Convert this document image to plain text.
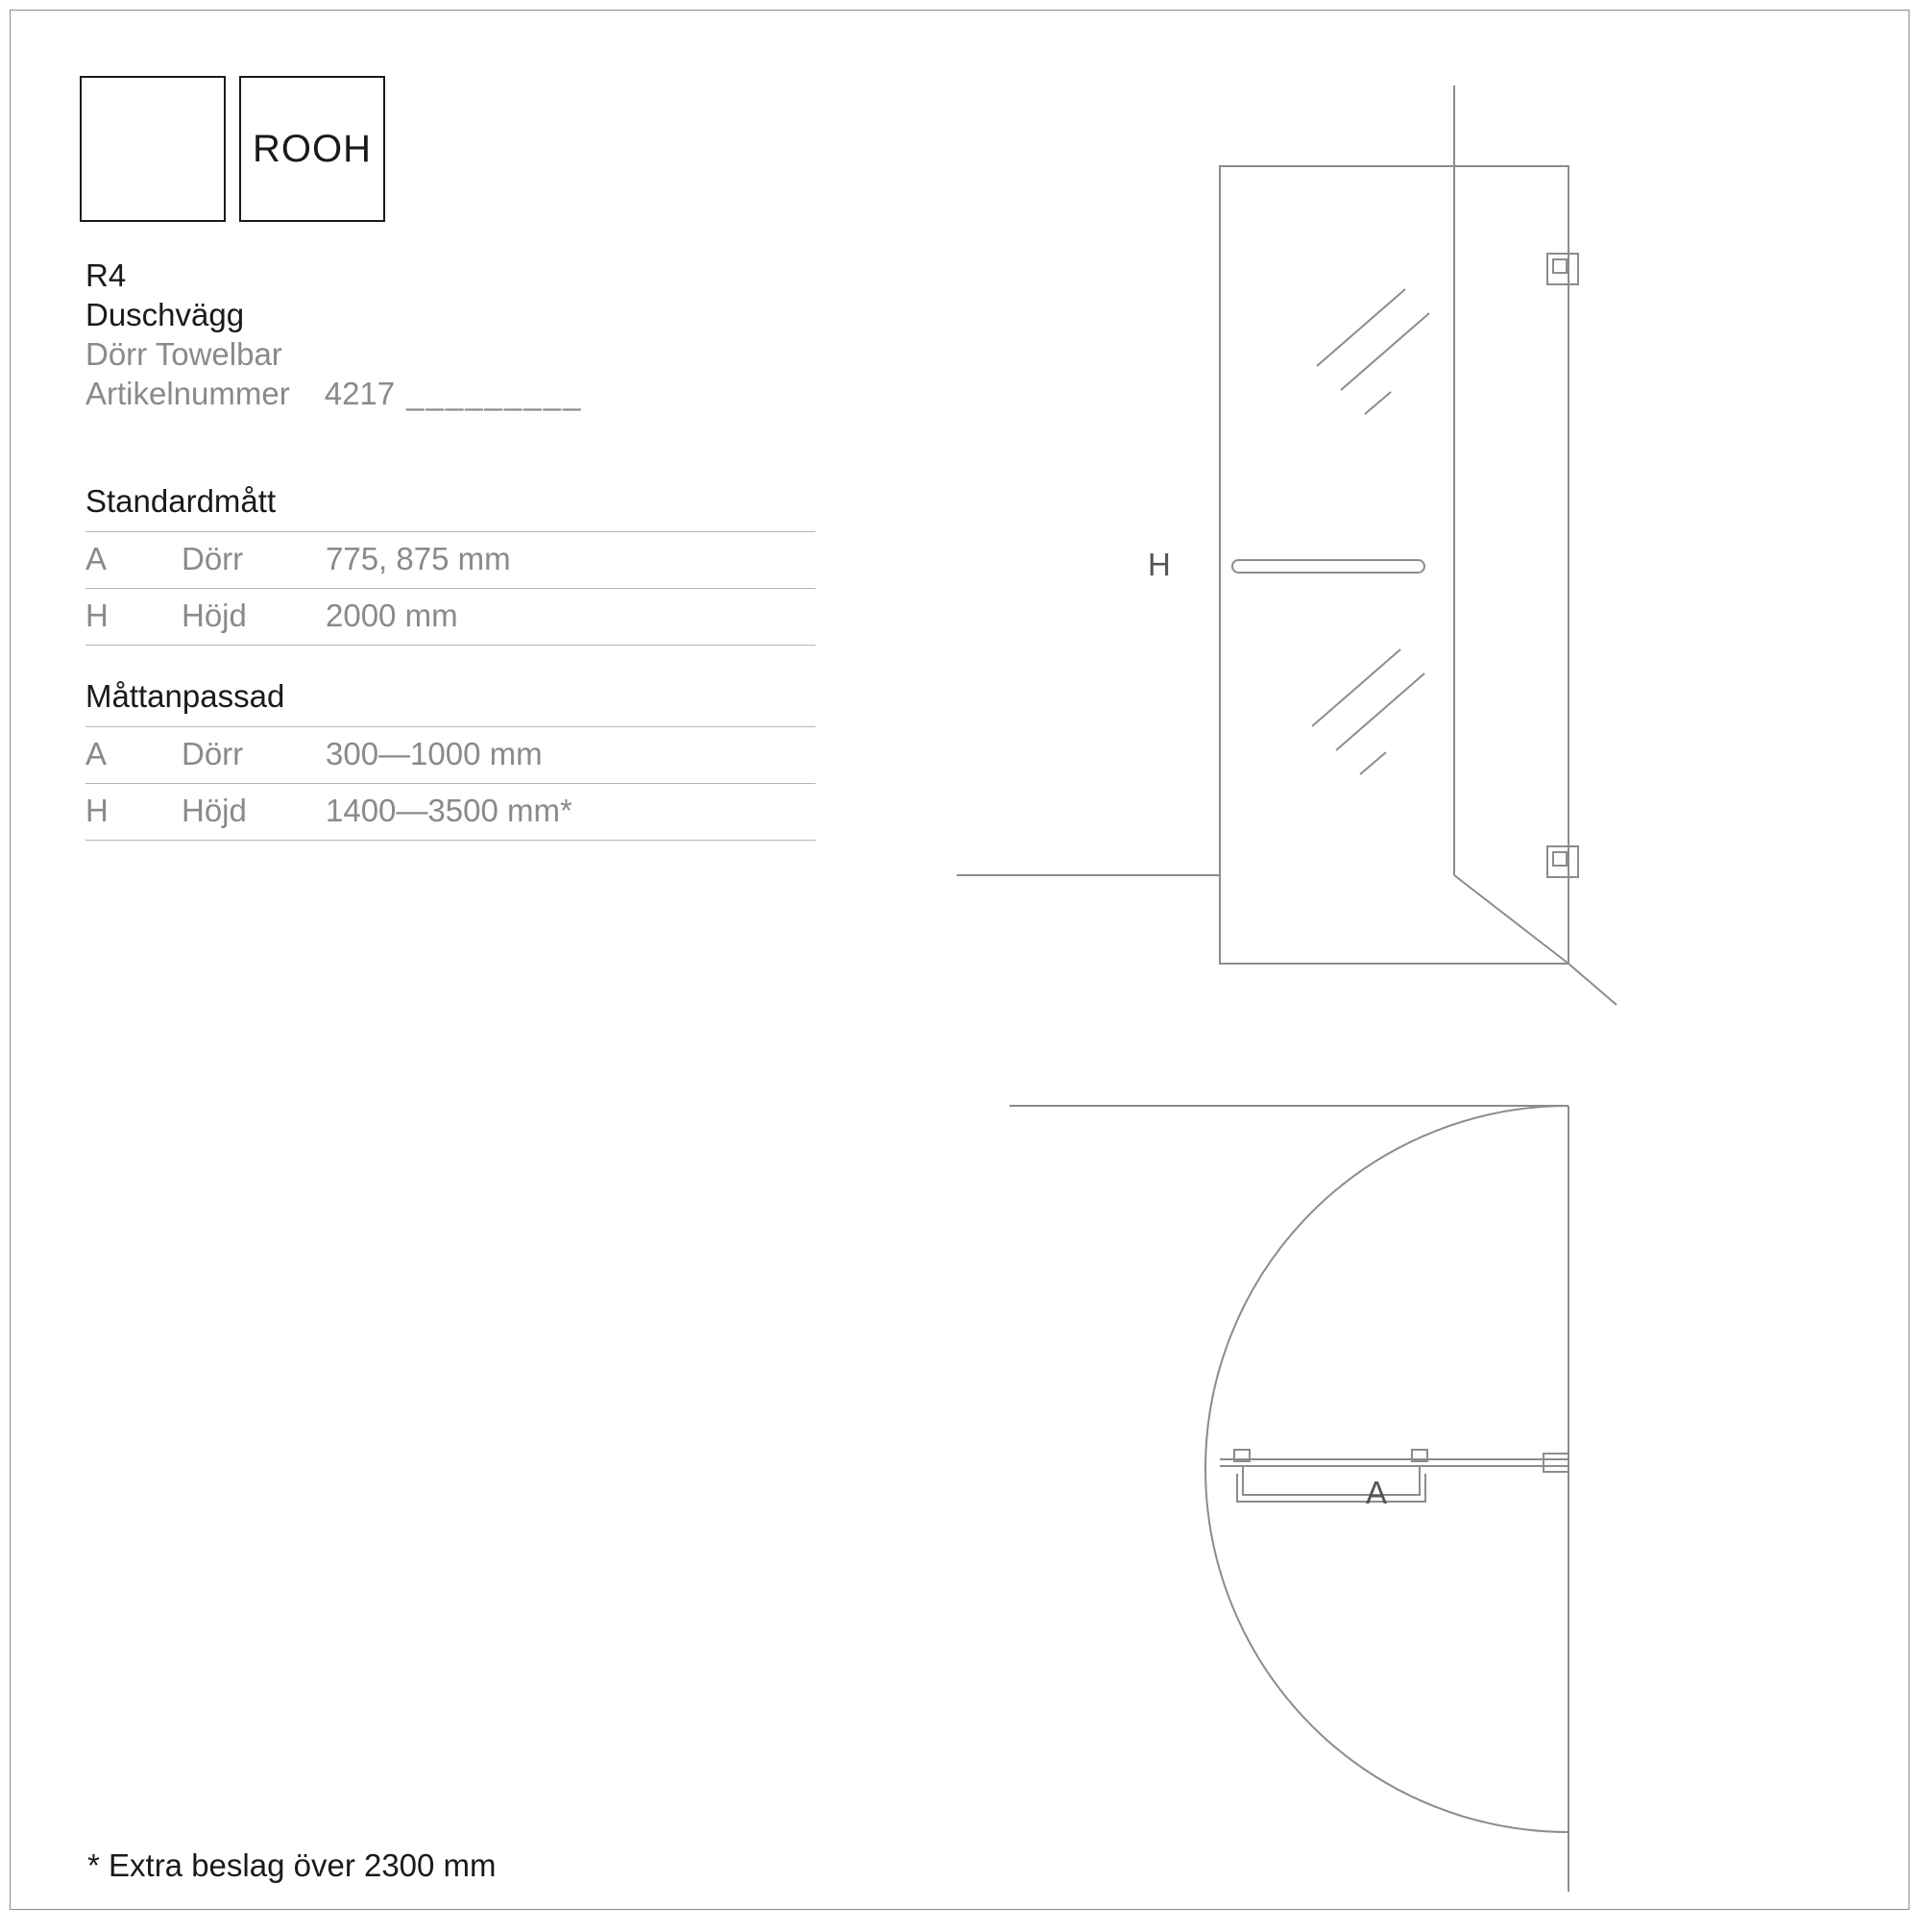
ROOH
R4
Duschvägg
Dörr Towelbar
Artikelnummer 4217 _________
Standardmått
A	Dörr	775, 875 mm
H	Höjd	2000 mm
Måttanpassad
A	Dörr	300—1000 mm
H	Höjd	1400—3500 mm*
* Extra beslag över 2300 mm
H
A
